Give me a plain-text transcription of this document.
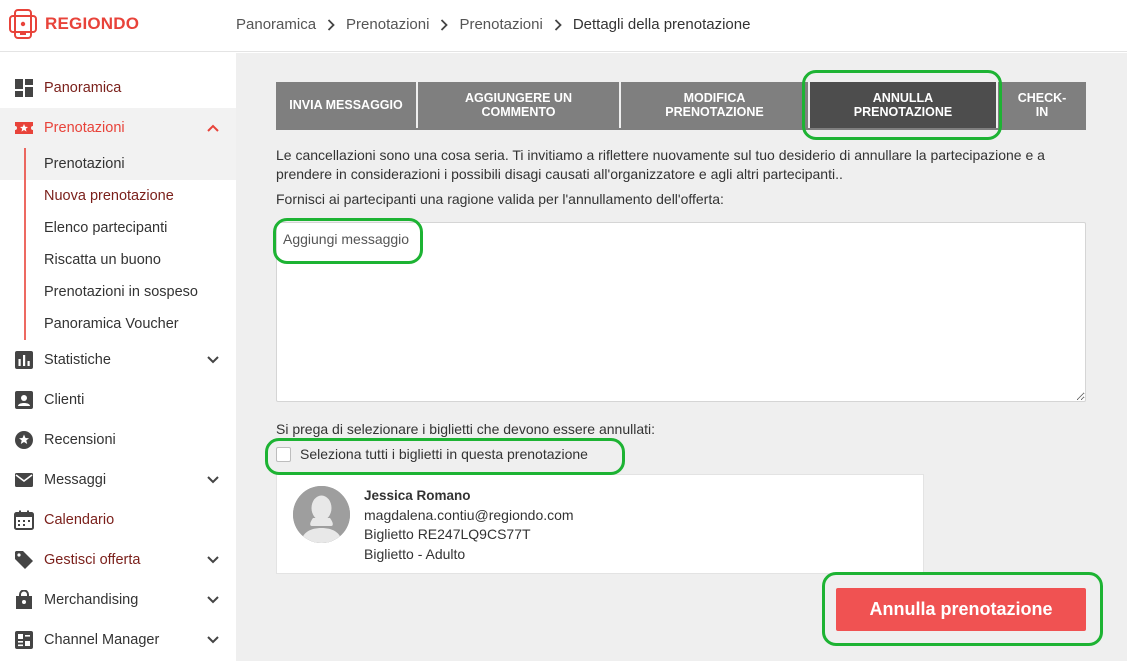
REGIONDO	Panoramica Prenotazioni Prenotazioni Dettagli della prenotazione
Panoramica
Prenotazioni
Prenotazioni
Nuova prenotazione
Elenco partecipanti
Riscatta un buono
Prenotazioni in sospeso
Panoramica Voucher
Statistiche
Clienti
Recensioni
Messaggi
Calendario
Gestisci offerta
Merchandising
Channel Manager
INVIA MESSAGGIO	AGGIUNGERE UN COMMENTO
MODIFICA PRENOTAZIONE
ANNULLA PRENOTAZIONE
CHECK-IN
Le cancellazioni sono una cosa seria. Ti invitiamo a riflettere nuovamente sul tuo desiderio di annullare la partecipazione e a prendere in considerazioni i possibili disagi causati all'organizzatore e agli altri partecipanti..
Fornisci ai partecipanti una ragione valida per l'annullamento dell'offerta:
Aggiungi messaggio
Si prega di selezionare i biglietti che devono essere annullati:
Seleziona tutti i biglietti in questa prenotazione
Jessica Romano
magdalena.contiu@regiondo.com
Biglietto RE247LQ9CS77T
Biglietto - Adulto
Annulla prenotazione
